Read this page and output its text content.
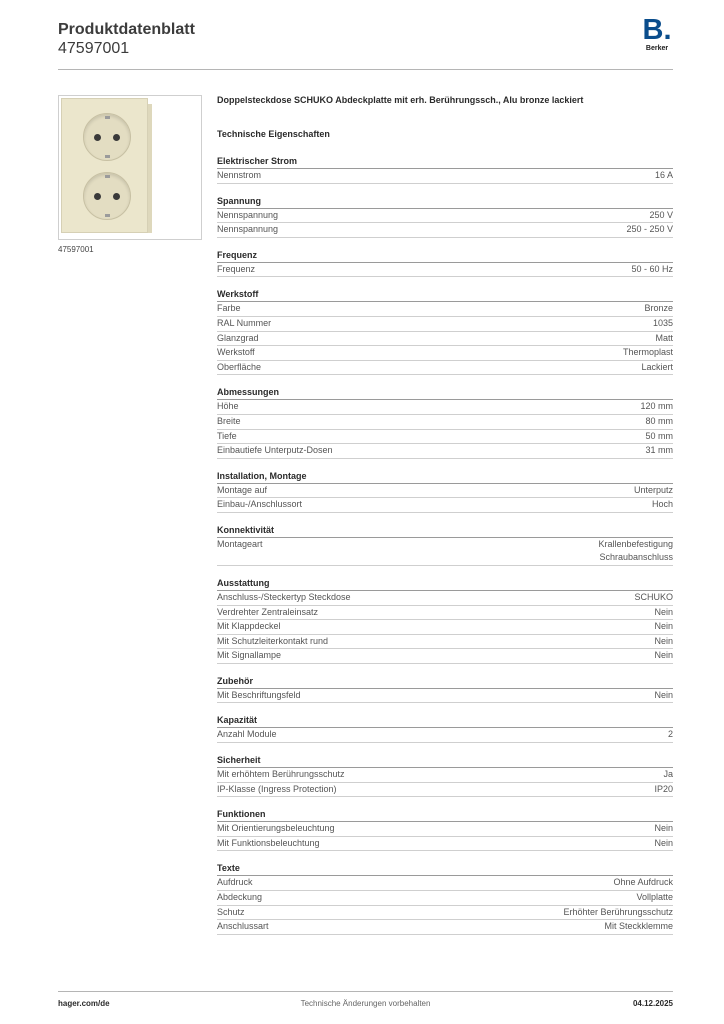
Produktdatenblatt
47597001
B.
Berker
47597001
Doppelsteckdose SCHUKO Abdeckplatte mit erh. Berührungssch., Alu bronze lackiert
Technische Eigenschaften
Elektrischer Strom
Nennstrom	16 A
Spannung
Nennspannung	250 V
Nennspannung	250 - 250 V
Frequenz
Frequenz	50 - 60 Hz
Werkstoff
Farbe	Bronze
RAL Nummer	1035
Glanzgrad	Matt
Werkstoff	Thermoplast
Oberfläche	Lackiert
Abmessungen
Höhe	120 mm
Breite	80 mm
Tiefe	50 mm
Einbautiefe Unterputz-Dosen	31 mm
Installation, Montage
Montage auf	Unterputz
Einbau-/Anschlussort	Hoch
Konnektivität
Montageart	Krallenbefestigung
Schraubanschluss
Ausstattung
Anschluss-/Steckertyp Steckdose	SCHUKO
Verdrehter Zentraleinsatz	Nein
Mit Klappdeckel	Nein
Mit Schutzleiterkontakt rund	Nein
Mit Signallampe	Nein
Zubehör
Mit Beschriftungsfeld	Nein
Kapazität
Anzahl Module	2
Sicherheit
Mit erhöhtem Berührungsschutz	Ja
IP-Klasse (Ingress Protection)	IP20
Funktionen
Mit Orientierungsbeleuchtung	Nein
Mit Funktionsbeleuchtung	Nein
Texte
Aufdruck	Ohne Aufdruck
Abdeckung	Vollplatte
Schutz	Erhöhter Berührungsschutz
Anschlussart	Mit Steckklemme
Technische Änderungen vorbehalten
hager.com/de	04.12.2025
